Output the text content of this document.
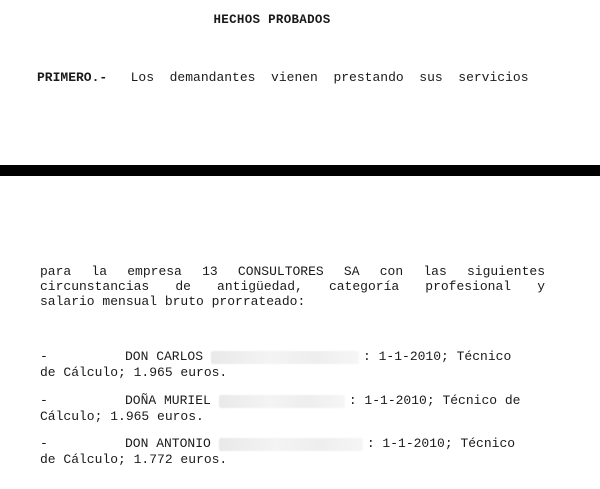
HECHOS PROBADOS
PRIMERO.- Los  demandantes  vienen  prestando  sus  servicios
para la empresa 13 CONSULTORES SA con las siguientes
circunstancias de antigüedad, categoría profesional y
salario mensual bruto prorrateado:
-	DON CARLOS	: 1-1-2010; Técnico
de Cálculo; 1.965 euros.
-	DOÑA MURIEL	: 1-1-2010; Técnico de
Cálculo; 1.965 euros.
-	DON ANTONIO	: 1-1-2010; Técnico
de Cálculo; 1.772 euros.
